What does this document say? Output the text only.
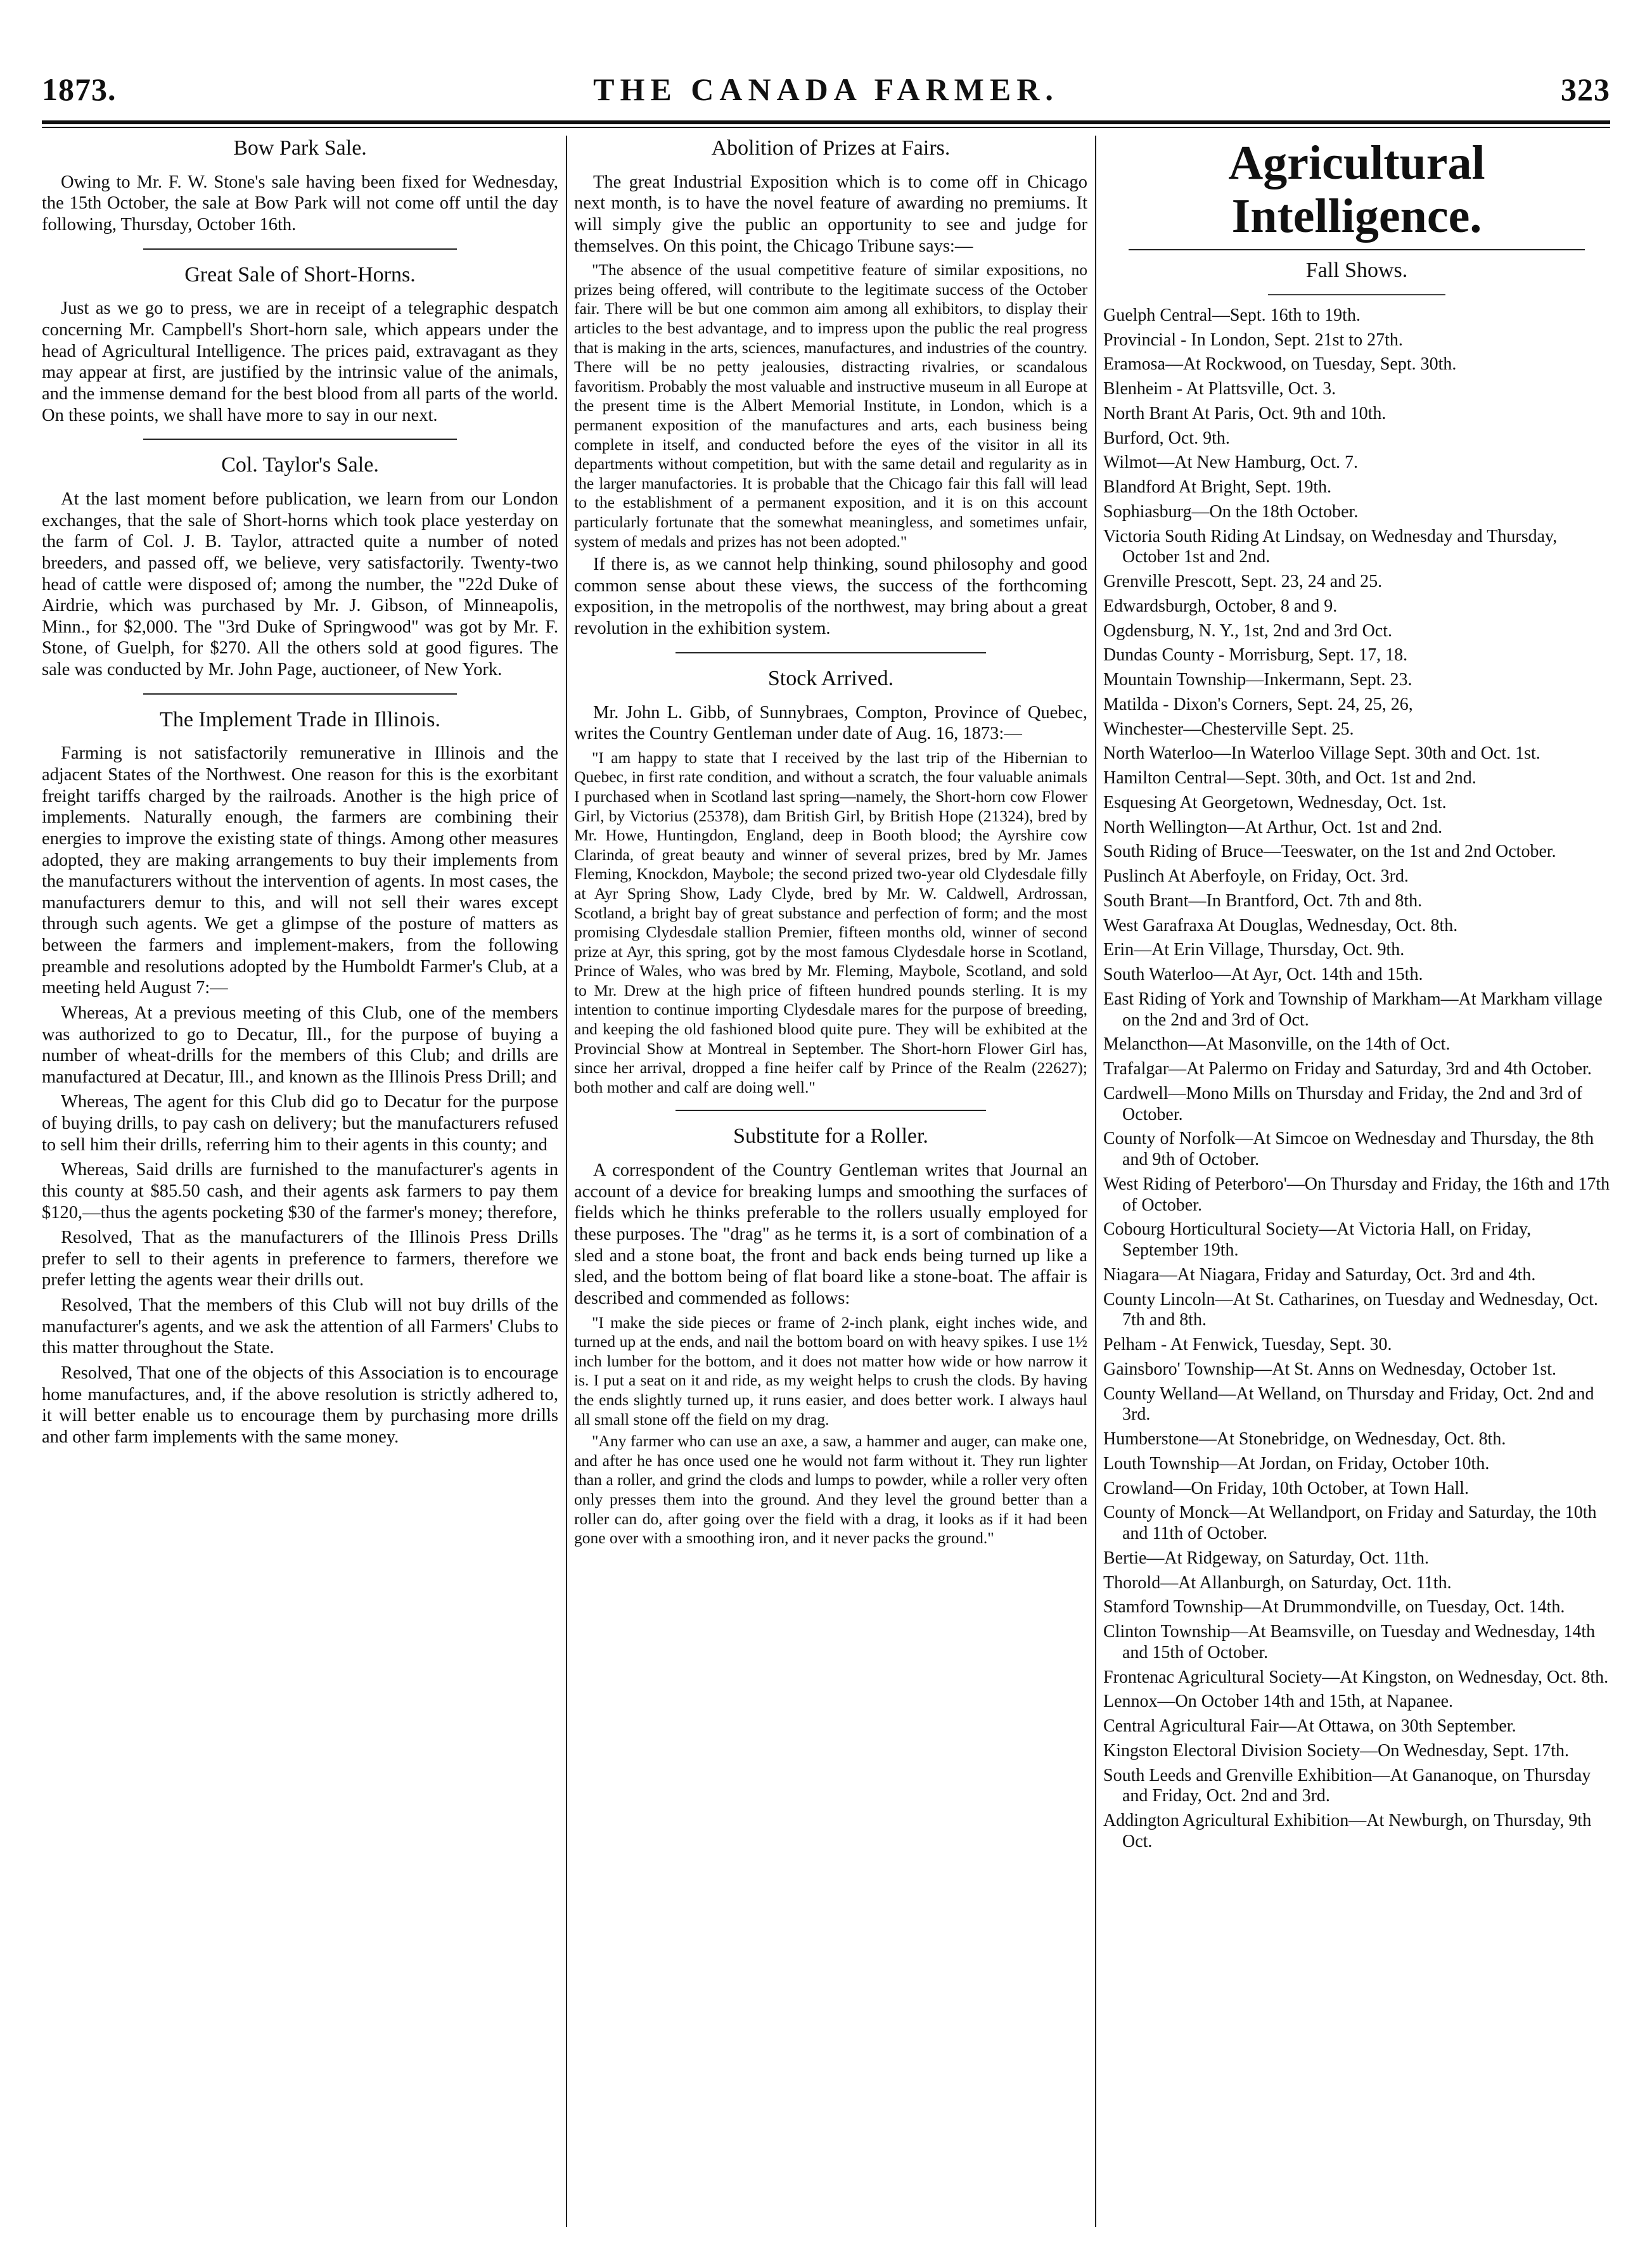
THE CANADA FARMER.
1873.	323
Bow Park Sale.

Owing to Mr. F. W. Stone's sale having been fixed for Wednesday, the 15th October, the sale at Bow Park will not come off until the day following, Thursday, October 16th.

Great Sale of Short-Horns.

Just as we go to press, we are in receipt of a telegraphic despatch concerning Mr. Campbell's Short-horn sale, which appears under the head of Agricultural Intelligence. The prices paid, extravagant as they may appear at first, are justified by the intrinsic value of the animals, and the immense demand for the best blood from all parts of the world. On these points, we shall have more to say in our next.

Col. Taylor's Sale.

At the last moment before publication, we learn from our London exchanges, that the sale of Short-horns which took place yesterday on the farm of Col. J. B. Taylor, attracted quite a number of noted breeders, and passed off, we believe, very satisfactorily. Twenty-two head of cattle were disposed of; among the number, the "22d Duke of Airdrie, which was purchased by Mr. J. Gibson, of Minneapolis, Minn., for $2,000. The "3rd Duke of Springwood" was got by Mr. F. Stone, of Guelph, for $270. All the others sold at good figures. The sale was conducted by Mr. John Page, auctioneer, of New York.

The Implement Trade in Illinois.

Farming is not satisfactorily remunerative in Illinois and the adjacent States of the Northwest. One reason for this is the exorbitant freight tariffs charged by the railroads. Another is the high price of implements. Naturally enough, the farmers are combining their energies to improve the existing state of things. Among other measures adopted, they are making arrangements to buy their implements from the manufacturers without the intervention of agents. In most cases, the manufacturers demur to this, and will not sell their wares except through such agents. We get a glimpse of the posture of matters as between the farmers and implement-makers, from the following preamble and resolutions adopted by the Humboldt Farmer's Club, at a meeting held August 7:—

Whereas, At a previous meeting of this Club, one of the members was authorized to go to Decatur, Ill., for the purpose of buying a number of wheat-drills for the members of this Club; and drills are manufactured at Decatur, Ill., and known as the Illinois Press Drill; and

Whereas, The agent for this Club did go to Decatur for the purpose of buying drills, to pay cash on delivery; but the manufacturers refused to sell him their drills, referring him to their agents in this county; and

Whereas, Said drills are furnished to the manufacturer's agents in this county at $85.50 cash, and their agents ask farmers to pay them $120,—thus the agents pocketing $30 of the farmer's money; therefore,

Resolved, That as the manufacturers of the Illinois Press Drills prefer to sell to their agents in preference to farmers, therefore we prefer letting the agents wear their drills out.

Resolved, That the members of this Club will not buy drills of the manufacturer's agents, and we ask the attention of all Farmers' Clubs to this matter throughout the State.

Resolved, That one of the objects of this Association is to encourage home manufactures, and, if the above resolution is strictly adhered to, it will better enable us to encourage them by purchasing more drills and other farm implements with the same money.

Abolition of Prizes at Fairs.

The great Industrial Exposition which is to come off in Chicago next month, is to have the novel feature of awarding no premiums. It will simply give the public an opportunity to see and judge for themselves. On this point, the Chicago Tribune says:—

"The absence of the usual competitive feature of similar expositions, no prizes being offered, will contribute to the legitimate success of the October fair. There will be but one common aim among all exhibitors, to display their articles to the best advantage, and to impress upon the public the real progress that is making in the arts, sciences, manufactures, and industries of the country. There will be no petty jealousies, distracting rivalries, or scandalous favoritism. Probably the most valuable and instructive museum in all Europe at the present time is the Albert Memorial Institute, in London, which is a permanent exposition of the manufactures and arts, each business being complete in itself, and conducted before the eyes of the visitor in all its departments without competition, but with the same detail and regularity as in the larger manufactories. It is probable that the Chicago fair this fall will lead to the establishment of a permanent exposition, and it is on this account particularly fortunate that the somewhat meaningless, and sometimes unfair, system of medals and prizes has not been adopted."

If there is, as we cannot help thinking, sound philosophy and good common sense about these views, the success of the forthcoming exposition, in the metropolis of the northwest, may bring about a great revolution in the exhibition system.

Stock Arrived.

Mr. John L. Gibb, of Sunnybraes, Compton, Province of Quebec, writes the Country Gentleman under date of Aug. 16, 1873:—

"I am happy to state that I received by the last trip of the Hibernian to Quebec, in first rate condition, and without a scratch, the four valuable animals I purchased when in Scotland last spring—namely, the Short-horn cow Flower Girl, by Victorius (25378), dam British Girl, by British Hope (21324), bred by Mr. Howe, Huntingdon, England, deep in Booth blood; the Ayrshire cow Clarinda, of great beauty and winner of several prizes, bred by Mr. James Fleming, Knockdon, Maybole; the second prized two-year old Clydesdale filly at Ayr Spring Show, Lady Clyde, bred by Mr. W. Caldwell, Ardrossan, Scotland, a bright bay of great substance and perfection of form; and the most promising Clydesdale stallion Premier, fifteen months old, winner of second prize at Ayr, this spring, got by the most famous Clydesdale horse in Scotland, Prince of Wales, who was bred by Mr. Fleming, Maybole, Scotland, and sold to Mr. Drew at the high price of fifteen hundred pounds sterling. It is my intention to continue importing Clydesdale mares for the purpose of breeding, and keeping the old fashioned blood quite pure. They will be exhibited at the Provincial Show at Montreal in September. The Short-horn Flower Girl has, since her arrival, dropped a fine heifer calf by Prince of the Realm (22627); both mother and calf are doing well."

Substitute for a Roller.

A correspondent of the Country Gentleman writes that Journal an account of a device for breaking lumps and smoothing the surfaces of fields which he thinks preferable to the rollers usually employed for these purposes. The "drag" as he terms it, is a sort of combination of a sled and a stone boat, the front and back ends being turned up like a sled, and the bottom being of flat board like a stone-boat. The affair is described and commended as follows:

"I make the side pieces or frame of 2-inch plank, eight inches wide, and turned up at the ends, and nail the bottom board on with heavy spikes. I use 1½ inch lumber for the bottom, and it does not matter how wide or how narrow it is. I put a seat on it and ride, as my weight helps to crush the clods. By having the ends slightly turned up, it runs easier, and does better work. I always haul all small stone off the field on my drag.

"Any farmer who can use an axe, a saw, a hammer and auger, can make one, and after he has once used one he would not farm without it. They run lighter than a roller, and grind the clods and lumps to powder, while a roller very often only presses them into the ground. And they level the ground better than a roller can do, after going over the field with a drag, it looks as if it had been gone over with a smoothing iron, and it never packs the ground."

Agricultural Intelligence.
Fall Shows.

Guelph Central—Sept. 16th to 19th.

Provincial - In London, Sept. 21st to 27th.

Eramosa—At Rockwood, on Tuesday, Sept. 30th.

Blenheim - At Plattsville, Oct. 3.

North Brant At Paris, Oct. 9th and 10th.

Burford, Oct. 9th.

Wilmot—At New Hamburg, Oct. 7.

Blandford At Bright, Sept. 19th.

Sophiasburg—On the 18th October.

Victoria South Riding At Lindsay, on Wednesday and Thursday, October 1st and 2nd.

Grenville Prescott, Sept. 23, 24 and 25.

Edwardsburgh, October, 8 and 9.

Ogdensburg, N. Y., 1st, 2nd and 3rd Oct.

Dundas County - Morrisburg, Sept. 17, 18.

Mountain Township—Inkermann, Sept. 23.

Matilda - Dixon's Corners, Sept. 24, 25, 26,

Winchester—Chesterville Sept. 25.

North Waterloo—In Waterloo Village Sept. 30th and Oct. 1st.

Hamilton Central—Sept. 30th, and Oct. 1st and 2nd.

Esquesing At Georgetown, Wednesday, Oct. 1st.

North Wellington—At Arthur, Oct. 1st and 2nd.

South Riding of Bruce—Teeswater, on the 1st and 2nd October.

Puslinch At Aberfoyle, on Friday, Oct. 3rd.

South Brant—In Brantford, Oct. 7th and 8th.

West Garafraxa At Douglas, Wednesday, Oct. 8th.

Erin—At Erin Village, Thursday, Oct. 9th.

South Waterloo—At Ayr, Oct. 14th and 15th.

East Riding of York and Township of Markham—At Markham village on the 2nd and 3rd of Oct.

Melancthon—At Masonville, on the 14th of Oct.

Trafalgar—At Palermo on Friday and Saturday, 3rd and 4th October.

Cardwell—Mono Mills on Thursday and Friday, the 2nd and 3rd of October.

County of Norfolk—At Simcoe on Wednesday and Thursday, the 8th and 9th of October.

West Riding of Peterboro'—On Thursday and Friday, the 16th and 17th of October.

Cobourg Horticultural Society—At Victoria Hall, on Friday, September 19th.

Niagara—At Niagara, Friday and Saturday, Oct. 3rd and 4th.

County Lincoln—At St. Catharines, on Tuesday and Wednesday, Oct. 7th and 8th.

Pelham - At Fenwick, Tuesday, Sept. 30.

Gainsboro' Township—At St. Anns on Wednesday, October 1st.

County Welland—At Welland, on Thursday and Friday, Oct. 2nd and 3rd.

Humberstone—At Stonebridge, on Wednesday, Oct. 8th.

Louth Township—At Jordan, on Friday, October 10th.

Crowland—On Friday, 10th October, at Town Hall.

County of Monck—At Wellandport, on Friday and Saturday, the 10th and 11th of October.

Bertie—At Ridgeway, on Saturday, Oct. 11th.

Thorold—At Allanburgh, on Saturday, Oct. 11th.

Stamford Township—At Drummondville, on Tuesday, Oct. 14th.

Clinton Township—At Beamsville, on Tuesday and Wednesday, 14th and 15th of October.

Frontenac Agricultural Society—At Kingston, on Wednesday, Oct. 8th.

Lennox—On October 14th and 15th, at Napanee.

Central Agricultural Fair—At Ottawa, on 30th September.

Kingston Electoral Division Society—On Wednesday, Sept. 17th.

South Leeds and Grenville Exhibition—At Gananoque, on Thursday and Friday, Oct. 2nd and 3rd.

Addington Agricultural Exhibition—At Newburgh, on Thursday, 9th Oct.
